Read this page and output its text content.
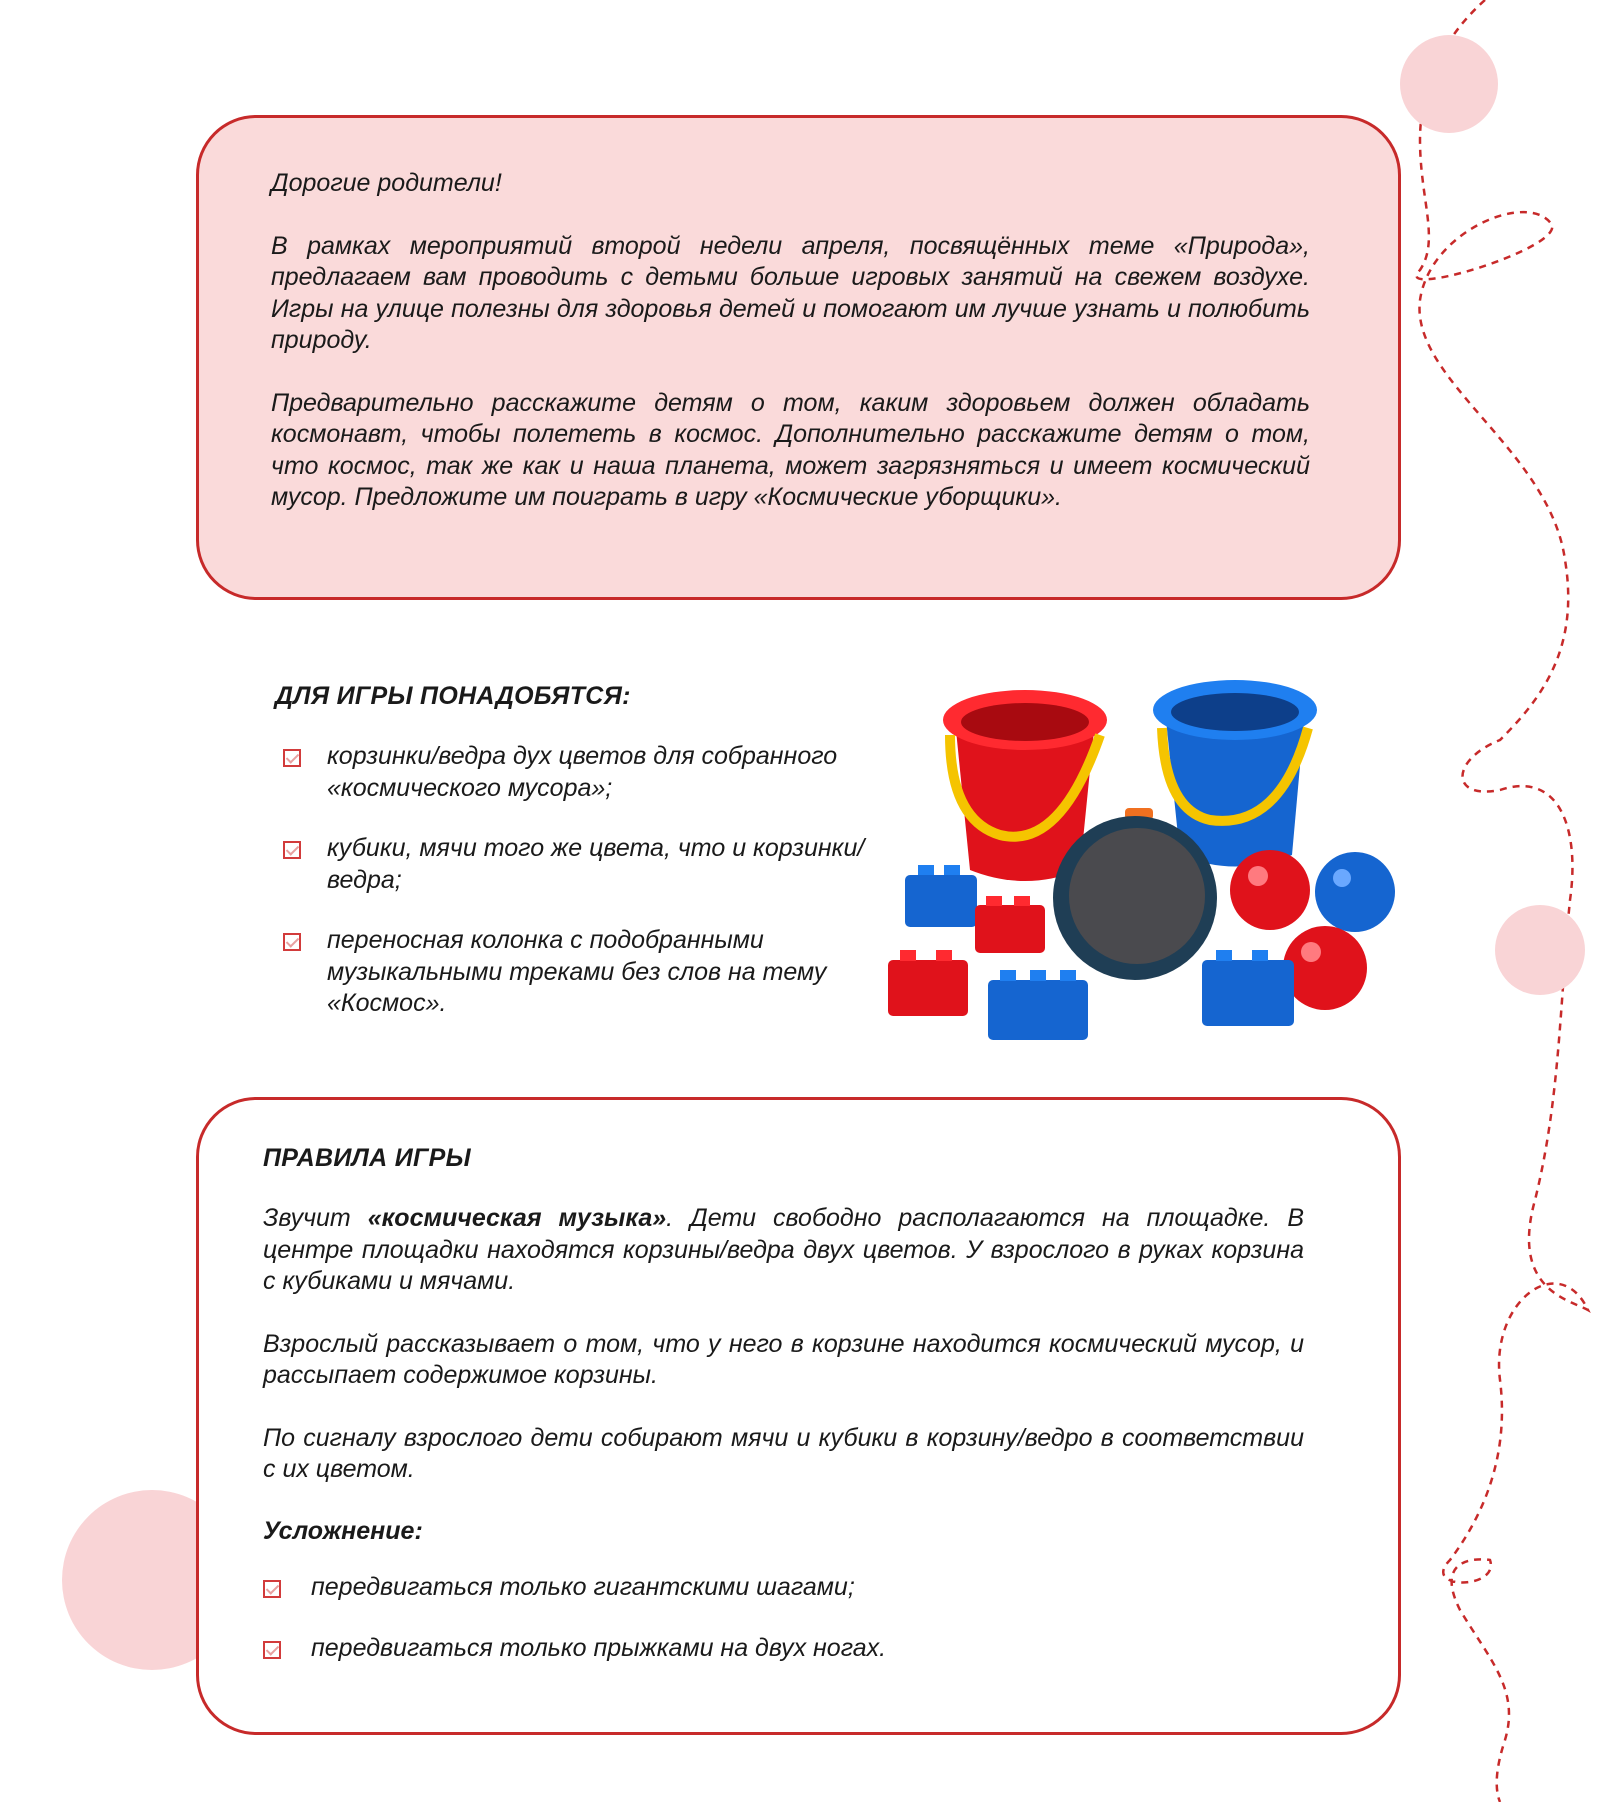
Дорогие родители!

В рамках мероприятий второй недели апреля, посвящённых теме «Природа», предлагаем вам проводить с детьми больше игровых занятий на свежем воздухе. Игры на улице полезны для здоровья детей и помогают им лучше узнать и полюбить природу.

Предварительно расскажите детям о том, каким здоровьем должен обладать космонавт, чтобы полететь в космос. Дополнительно расскажите детям о том, что космос, так же как и наша планета, может загрязняться и имеет космический мусор. Предложите им поиграть в игру «Космические уборщики».

ДЛЯ ИГРЫ ПОНАДОБЯТСЯ:
корзинки/ведра дух цветов для собранного «космического мусора»;
кубики, мячи того же цвета, что и корзинки/ведра;
переносная колонка с подобранными музыкальными треками без слов на тему «Космос».
ПРАВИЛА ИГРЫ

Звучит «космическая музыка». Дети свободно располагаются на площадке. В центре площадки находятся корзины/ведра двух цветов. У взрослого в руках корзина с кубиками и мячами.

Взрослый рассказывает о том, что у него в корзине находится космический мусор, и рассыпает содержимое корзины.

По сигналу взрослого дети собирают мячи и кубики в корзину/ведро в соответствии с их цветом.

Усложнение:

передвигаться только гигантскими шагами;
передвигаться только прыжками на двух ногах.
